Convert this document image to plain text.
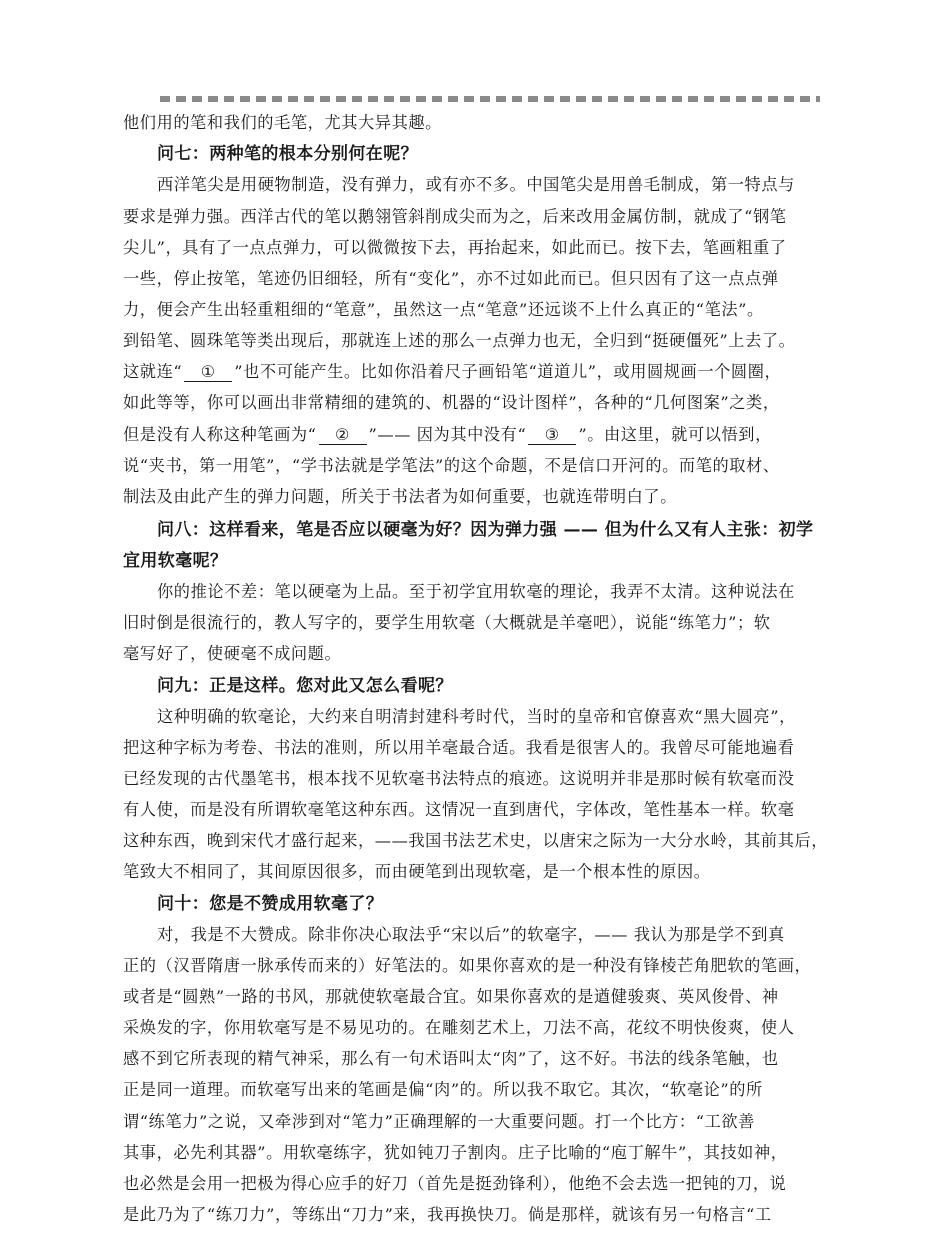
他们用的笔和我们的毛笔，尤其大异其趣。
问七：两种笔的根本分别何在呢？
西洋笔尖是用硬物制造，没有弹力，或有亦不多。中国笔尖是用兽毛制成，第一特点与
要求是弹力强。西洋古代的笔以鹅翎管斜削成尖而为之，后来改用金属仿制，就成了“钢笔
尖儿”，具有了一点点弹力，可以微微按下去，再抬起来，如此而已。按下去，笔画粗重了
一些，停止按笔，笔迹仍旧细轻，所有“变化”，亦不过如此而已。但只因有了这一点点弹
力，便会产生出轻重粗细的“笔意”，虽然这一点“笔意”还远谈不上什么真正的“笔法”。
到铅笔、圆珠笔等类出现后，那就连上述的那么一点弹力也无，全归到“挺硬僵死”上去了。
这就连“ ① ”也不可能产生。比如你沿着尺子画铅笔“道道儿”，或用圆规画一个圆圈，
如此等等，你可以画出非常精细的建筑的、机器的“设计图样”，各种的“几何图案”之类，
但是没有人称这种笔画为“ ② ”—— 因为其中没有“ ③ ”。由这里，就可以悟到，
说“夹书，第一用笔”，“学书法就是学笔法”的这个命题，不是信口开河的。而笔的取材、
制法及由此产生的弹力问题，所关于书法者为如何重要，也就连带明白了。
问八：这样看来，笔是否应以硬毫为好？因为弹力强 —— 但为什么又有人主张：初学
宜用软毫呢？
你的推论不差：笔以硬毫为上品。至于初学宜用软毫的理论，我弄不太清。这种说法在
旧时倒是很流行的，教人写字的，要学生用软毫（大概就是羊毫吧），说能“练笔力”；软
毫写好了，使硬毫不成问题。
问九：正是这样。您对此又怎么看呢？
这种明确的软毫论，大约来自明清封建科考时代，当时的皇帝和官僚喜欢“黑大圆亮”，
把这种字标为考卷、书法的准则，所以用羊毫最合适。我看是很害人的。我曾尽可能地遍看
已经发现的古代墨笔书，根本找不见软毫书法特点的痕迹。这说明并非是那时候有软毫而没
有人使，而是没有所谓软毫笔这种东西。这情况一直到唐代，字体改，笔性基本一样。软毫
这种东西，晚到宋代才盛行起来，——我国书法艺术史，以唐宋之际为一大分水岭，其前其后，
笔致大不相同了，其间原因很多，而由硬笔到出现软毫，是一个根本性的原因。
问十：您是不赞成用软毫了？
对，我是不大赞成。除非你决心取法乎“宋以后”的软毫字，—— 我认为那是学不到真
正的（汉晋隋唐一脉承传而来的）好笔法的。如果你喜欢的是一种没有锋棱芒角肥软的笔画，
或者是“圆熟”一路的书风，那就使软毫最合宜。如果你喜欢的是遒健骏爽、英风俊骨、神
采焕发的字，你用软毫写是不易见功的。在雕刻艺术上，刀法不高，花纹不明快俊爽，使人
感不到它所表现的精气神采，那么有一句术语叫太“肉”了，这不好。书法的线条笔触，也
正是同一道理。而软毫写出来的笔画是偏“肉”的。所以我不取它。其次，“软毫论”的所
谓“练笔力”之说，又牵涉到对“笔力”正确理解的一大重要问题。打一个比方：“工欲善
其事，必先利其器”。用软毫练字，犹如钝刀子割肉。庄子比喻的“庖丁解牛”，其技如神，
也必然是会用一把极为得心应手的好刀（首先是挺劲锋利），他绝不会去选一把钝的刀，说
是此乃为了“练刀力”，等练出“刀力”来，我再换快刀。倘是那样，就该有另一句格言“工
